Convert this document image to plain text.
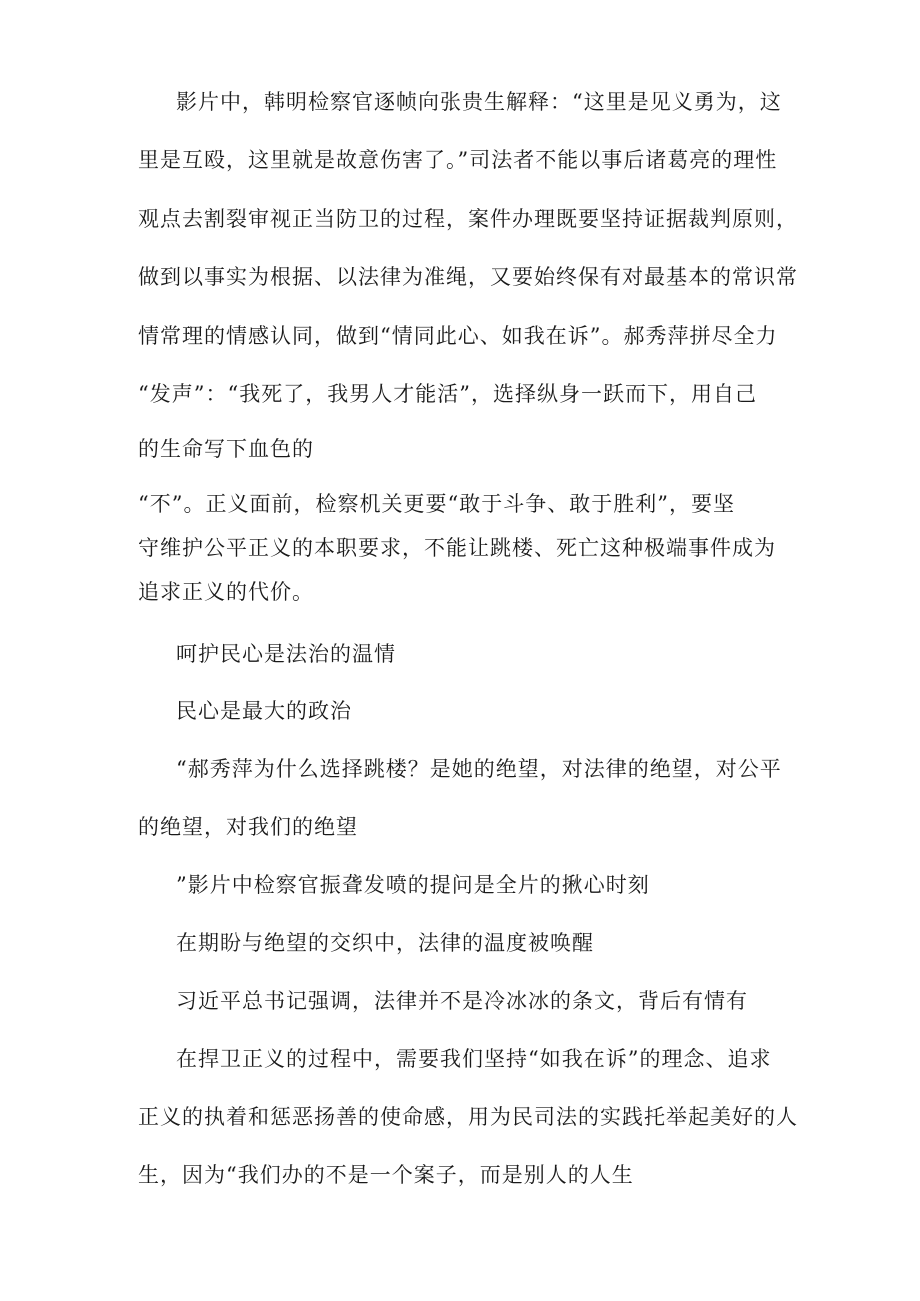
影片中，韩明检察官逐帧向张贵生解释：“这里是见义勇为，这
里是互殴，这里就是故意伤害了。”司法者不能以事后诸葛亮的理性
观点去割裂审视正当防卫的过程，案件办理既要坚持证据裁判原则，
做到以事实为根据、以法律为准绳，又要始终保有对最基本的常识常
情常理的情感认同，做到“情同此心、如我在诉”。郝秀萍拼尽全力
“发声”：“我死了，我男人才能活”，选择纵身一跃而下，用自己
的生命写下血色的
“不”。正义面前，检察机关更要“敢于斗争、敢于胜利”，要坚
守维护公平正义的本职要求，不能让跳楼、死亡这种极端事件成为
追求正义的代价。
呵护民心是法治的温情
民心是最大的政治
“郝秀萍为什么选择跳楼？是她的绝望，对法律的绝望，对公平
的绝望，对我们的绝望
”影片中检察官振聋发喷的提问是全片的揪心时刻
在期盼与绝望的交织中，法律的温度被唤醒
习近平总书记强调，法律并不是冷冰冰的条文，背后有情有
在捍卫正义的过程中，需要我们坚持“如我在诉”的理念、追求
正义的执着和惩恶扬善的使命感，用为民司法的实践托举起美好的人
生，因为“我们办的不是一个案子，而是别人的人生
